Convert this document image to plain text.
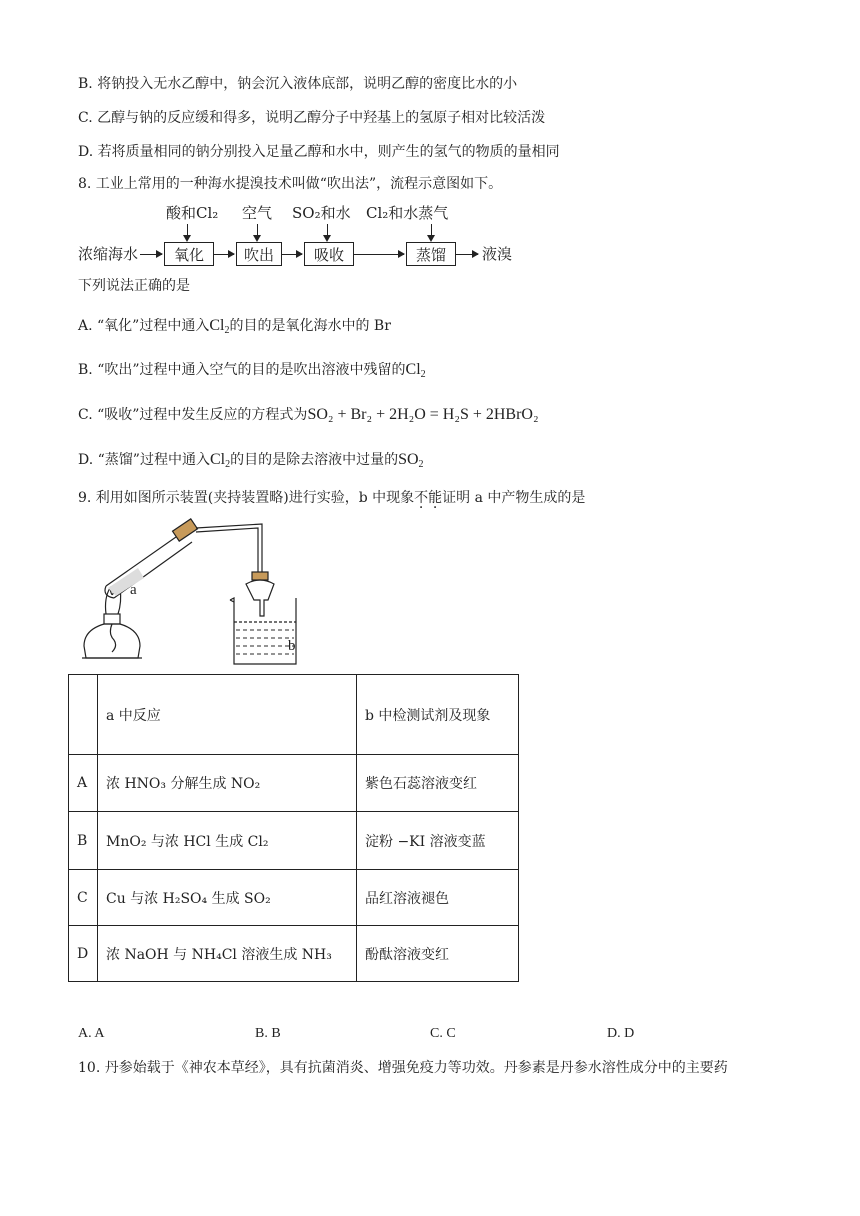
B. 将钠投入无水乙醇中，钠会沉入液体底部，说明乙醇的密度比水的小
C. 乙醇与钠的反应缓和得多，说明乙醇分子中羟基上的氢原子相对比较活泼
D. 若将质量相同的钠分别投入足量乙醇和水中，则产生的氢气的物质的量相同
8. 工业上常用的一种海水提溴技术叫做“吹出法”，流程示意图如下。
酸和Cl₂ 空气 SO₂和水 Cl₂和水蒸气
浓缩海水	氧化	吹出	吸收	蒸馏	液溴
下列说法正确的是
A. “氧化”过程中通入$Cl_2$的目的是氧化海水中的 Br
B. “吹出”过程中通入空气的目的是吹出溶液中残留的$Cl_2$
C. “吸收”过程中发生反应的方程式为SO₂ + Br₂ + 2H₂O = H₂S + 2HBrO₂
D. “蒸馏”过程中通入$Cl_2$的目的是除去溶液中过量的$SO_2$
9. 利用如图所示装置(夹持装置略)进行实验，b 中现象不能证明 a 中产物生成的是
a
b
	a 中反应	b 中检测试剂及现象
A	浓 HNO₃ 分解生成 NO₂	紫色石蕊溶液变红
B	MnO₂ 与浓 HCl 生成 Cl₂	淀粉 −KI 溶液变蓝
C	Cu 与浓 H₂SO₄ 生成 SO₂	品红溶液褪色
D	浓 NaOH 与 NH₄Cl 溶液生成 NH₃	酚酞溶液变红
A. A	B. B	C. C	D. D
10. 丹参始载于《神农本草经》，具有抗菌消炎、增强免疫力等功效。丹参素是丹参水溶性成分中的主要药
